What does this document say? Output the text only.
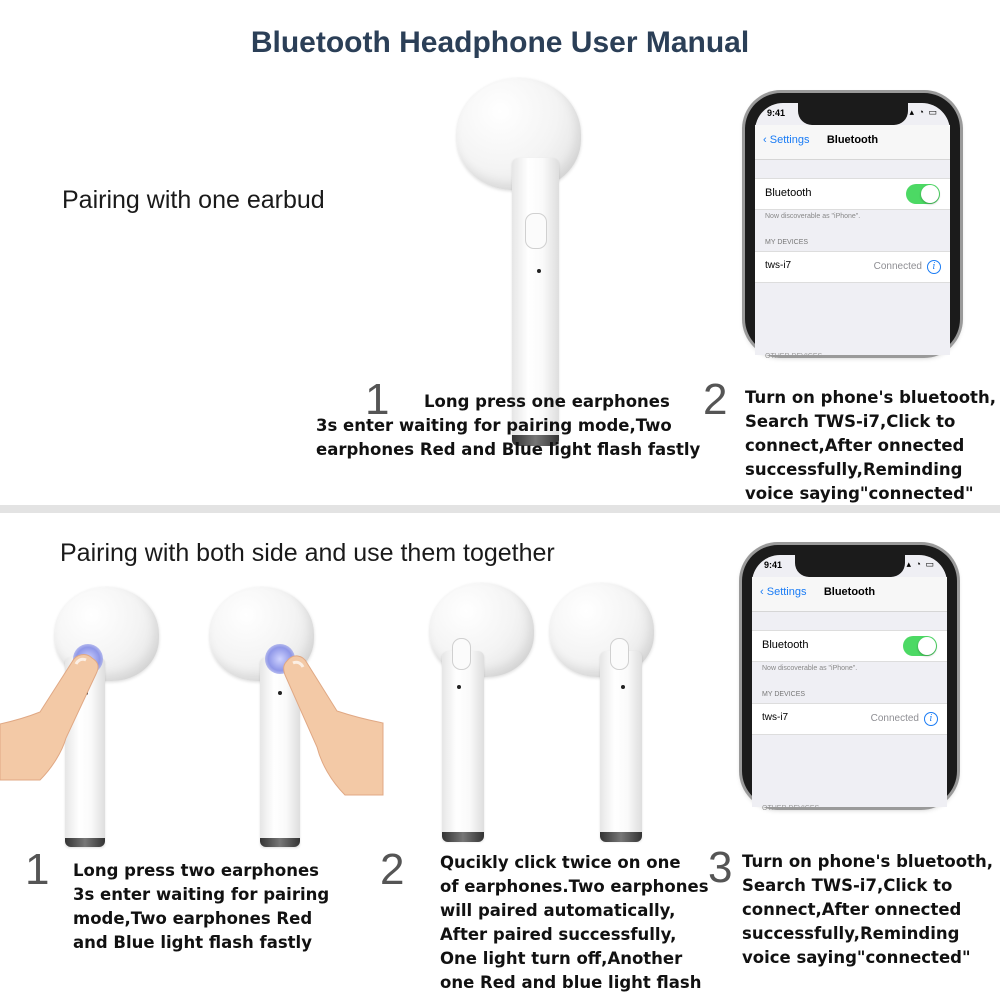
Bluetooth Headphone User Manual
Pairing with one earbud
9:41	▴ ◔ ▭
‹ Settings	Bluetooth
Bluetooth
Now discoverable as "iPhone".
MY DEVICES
tws-i7	Connected	i
OTHER DEVICES
1	Long press one earphones
3s enter waiting for pairing mode,Two
earphones Red and Blue light flash fastly
2 Turn on phone's bluetooth,
Search TWS-i7,Click to
connect,After onnected
successfully,Reminding
voice saying"connected"
Pairing with both side and use them together	9:41	▴ ◔ ▭
‹ Settings	Bluetooth
Bluetooth
Now discoverable as "iPhone".
MY DEVICES
tws-i7	Connected	i
OTHER DEVICES
1 Long press two earphones
3s enter waiting for pairing
mode,Two earphones Red
and Blue light flash fastly
2 Qucikly click twice on one
of earphones.Two earphones
will paired automatically,
After paired successfully,
One light turn off,Another
one Red and blue light flash
3 Turn on phone's bluetooth,
Search TWS-i7,Click to
connect,After onnected
successfully,Reminding
voice saying"connected"
